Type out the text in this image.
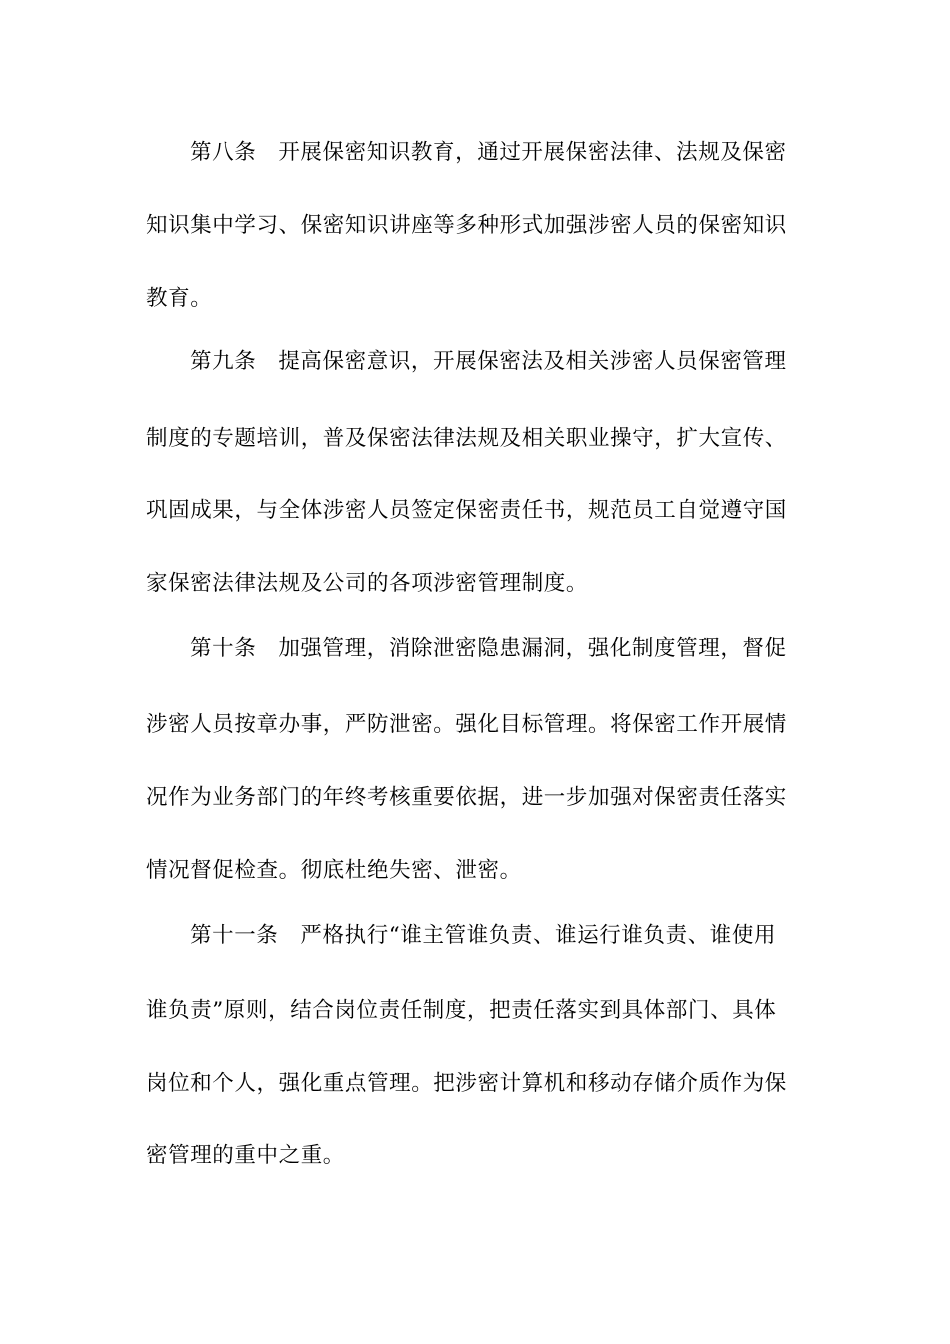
第八条 开展保密知识教育，通过开展保密法律、法规及保密
知识集中学习、保密知识讲座等多种形式加强涉密人员的保密知识
教育。
第九条 提高保密意识，开展保密法及相关涉密人员保密管理
制度的专题培训，普及保密法律法规及相关职业操守，扩大宣传、
巩固成果，与全体涉密人员签定保密责任书，规范员工自觉遵守国
家保密法律法规及公司的各项涉密管理制度。
第十条 加强管理，消除泄密隐患漏洞，强化制度管理，督促
涉密人员按章办事，严防泄密。强化目标管理。将保密工作开展情
况作为业务部门的年终考核重要依据，进一步加强对保密责任落实
情况督促检查。彻底杜绝失密、泄密。
第十一条 严格执行“谁主管谁负责、谁运行谁负责、谁使用
谁负责”原则，结合岗位责任制度，把责任落实到具体部门、具体
岗位和个人，强化重点管理。把涉密计算机和移动存储介质作为保
密管理的重中之重。
